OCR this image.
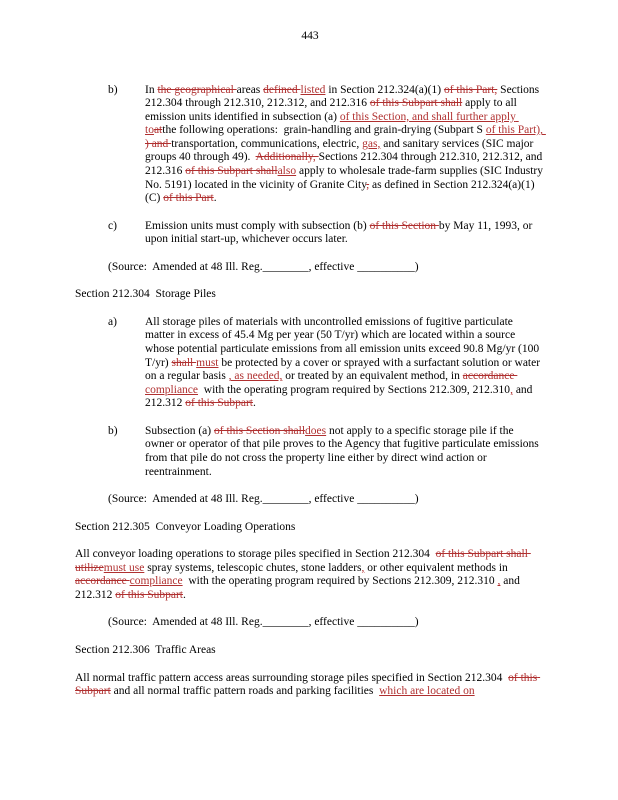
443
b)	In the geographical areas defined listed in Section 212.324(a)(1) of this Part, Sections 212.304 through 212.310, 212.312, and 212.316 of this Subpart shall apply to all emission units identified in subsection (a) of this Section, and shall further apply toatthe following operations:  grain-handling and grain-drying (Subpart S of this Part), ) and transportation, communications, electric, gas, and sanitary services (SIC major groups 40 through 49).  Additionally, Sections 212.304 through 212.310, 212.312, and 212.316 of this Subpart shallalso apply to wholesale trade-farm supplies (SIC Industry No. 5191) located in the vicinity of Granite City, as defined in Section 212.324(a)(1)(C) of this Part.
c)	Emission units must comply with subsection (b) of this Section by May 11, 1993, or upon initial start-up, whichever occurs later.
(Source:  Amended at 48 Ill. Reg.________, effective __________)
Section 212.304  Storage Piles
a)	All storage piles of materials with uncontrolled emissions of fugitive particulate matter in excess of 45.4 Mg per year (50 T/yr) which are located within a source whose potential particulate emissions from all emission units exceed 90.8 Mg/yr (100 T/yr) shall must be protected by a cover or sprayed with a surfactant solution or water on a regular basis , as needed, or treated by an equivalent method, in accordance compliance  with the operating program required by Sections 212.309, 212.310, and 212.312 of this Subpart.
b)	Subsection (a) of this Section shalldoes not apply to a specific storage pile if the owner or operator of that pile proves to the Agency that fugitive particulate emissions from that pile do not cross the property line either by direct wind action or reentrainment.
(Source:  Amended at 48 Ill. Reg.________, effective __________)
Section 212.305  Conveyor Loading Operations
All conveyor loading operations to storage piles specified in Section 212.304  of this Subpart shall utilizemust use spray systems, telescopic chutes, stone ladders, or other equivalent methods in accordance compliance  with the operating program required by Sections 212.309, 212.310 , and 212.312 of this Subpart.
(Source:  Amended at 48 Ill. Reg.________, effective __________)
Section 212.306  Traffic Areas
All normal traffic pattern access areas surrounding storage piles specified in Section 212.304  of this Subpart and all normal traffic pattern roads and parking facilities  which are located on
